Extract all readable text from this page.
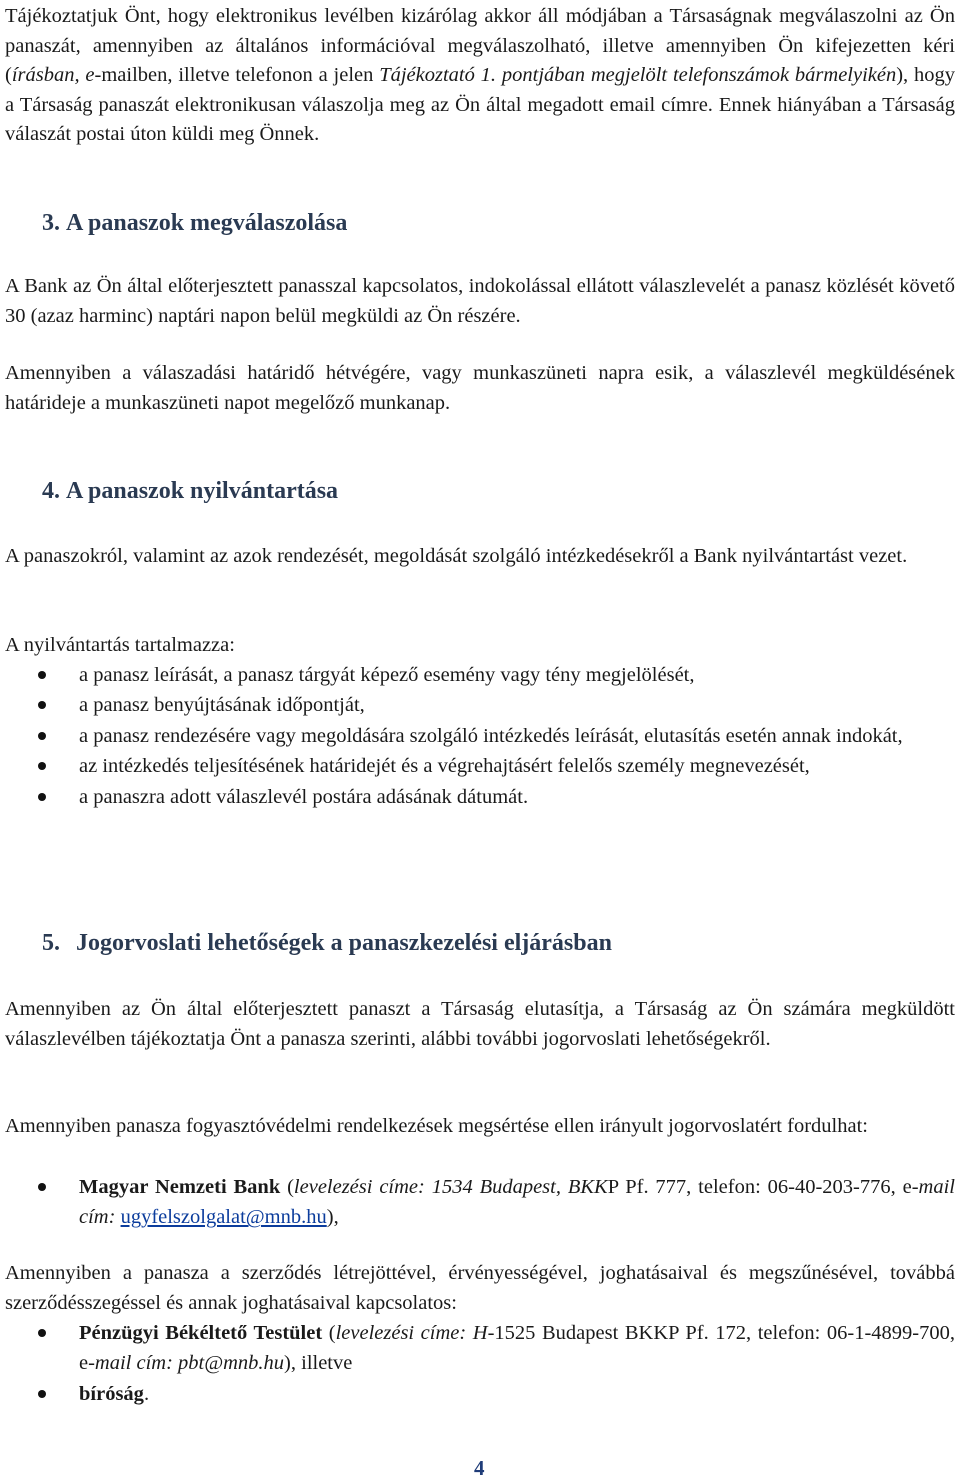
Tájékoztatjuk Önt, hogy elektronikus levélben kizárólag akkor áll módjában a Társaságnak megválaszolni az Ön panaszát, amennyiben az általános információval megválaszolható, illetve amennyiben Ön kifejezetten kéri (írásban, e-mailben, illetve telefonon a jelen Tájékoztató 1. pontjában megjelölt telefonszámok bármelyikén), hogy a Társaság panaszát elektronikusan válaszolja meg az Ön által megadott email címre. Ennek hiányában a Társaság válaszát postai úton küldi meg Önnek.

3. A panaszok megválaszolása

A Bank az Ön által előterjesztett panasszal kapcsolatos, indokolással ellátott válaszlevelét a panasz közlését követő 30 (azaz harminc) naptári napon belül megküldi az Ön részére.

Amennyiben a válaszadási határidő hétvégére, vagy munkaszüneti napra esik, a válaszlevél megküldésének határideje a munkaszüneti napot megelőző munkanap.

4. A panaszok nyilvántartása

A panaszokról, valamint az azok rendezését, megoldását szolgáló intézkedésekről a Bank nyilvántartást vezet.

A nyilvántartás tartalmazza:

a panasz leírását, a panasz tárgyát képező esemény vagy tény megjelölését,
a panasz benyújtásának időpontját,
a panasz rendezésére vagy megoldására szolgáló intézkedés leírását, elutasítás esetén annak indokát,
az intézkedés teljesítésének határidejét és a végrehajtásért felelős személy megnevezését,
a panaszra adott válaszlevél postára adásának dátumát.
5. Jogorvoslati lehetőségek a panaszkezelési eljárásban

Amennyiben az Ön által előterjesztett panaszt a Társaság elutasítja, a Társaság az Ön számára megküldött válaszlevélben tájékoztatja Önt a panasza szerinti, alábbi további jogorvoslati lehetőségekről.

Amennyiben panasza fogyasztóvédelmi rendelkezések megsértése ellen irányult jogorvoslatért fordulhat:

Magyar Nemzeti Bank (levelezési címe: 1534 Budapest, BKKP Pf. 777, telefon: 06-40-203-776, e-mail cím: ugyfelszolgalat@mnb.hu),

Amennyiben a panasza a szerződés létrejöttével, érvényességével, joghatásaival és megszűnésével, továbbá szerződésszegéssel és annak joghatásaival kapcsolatos:

Pénzügyi Békéltető Testület (levelezési címe: H-1525 Budapest BKKP Pf. 172, telefon: 06-1-4899-700, e-mail cím: pbt@mnb.hu), illetve
bíróság.
4
